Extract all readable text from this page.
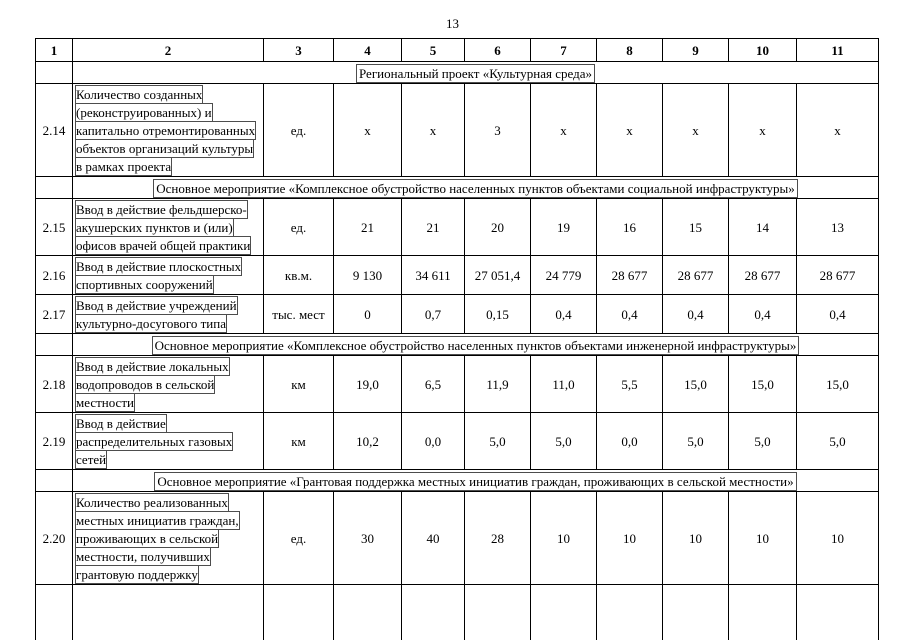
13
1	2	3	4	5	6	7	8	9	10	11
	Региональный проект «Культурная среда»									
2.14	Количество созданных
(реконструированных) и
капитально отремонтированных
объектов организаций культуры
в рамках проекта	ед.	х	х	3	х	х	х	х	х
	Основное мероприятие «Комплексное обустройство населенных пунктов объектами социальной инфраструктуры»									
2.15	Ввод в действие фельдшерско-
акушерских пунктов и (или)
офисов врачей общей практики	ед.	21	21	20	19	16	15	14	13
2.16	Ввод в действие плоскостных
спортивных сооружений	кв.м.	9 130	34 611	27 051,4	24 779	28 677	28 677	28 677	28 677
2.17	Ввод в действие учреждений
культурно-досугового типа	тыс. мест	0	0,7	0,15	0,4	0,4	0,4	0,4	0,4
	Основное мероприятие «Комплексное обустройство населенных пунктов объектами инженерной инфраструктуры»									
2.18	Ввод в действие локальных
водопроводов в сельской
местности	км	19,0	6,5	11,9	11,0	5,5	15,0	15,0	15,0
2.19	Ввод в действие
распределительных газовых
сетей	км	10,2	0,0	5,0	5,0	0,0	5,0	5,0	5,0
	Основное мероприятие «Грантовая поддержка местных инициатив граждан, проживающих в сельской местности»									
2.20	Количество реализованных
местных инициатив граждан,
проживающих в сельской
местности, получивших
грантовую поддержку	ед.	30	40	28	10	10	10	10	10
